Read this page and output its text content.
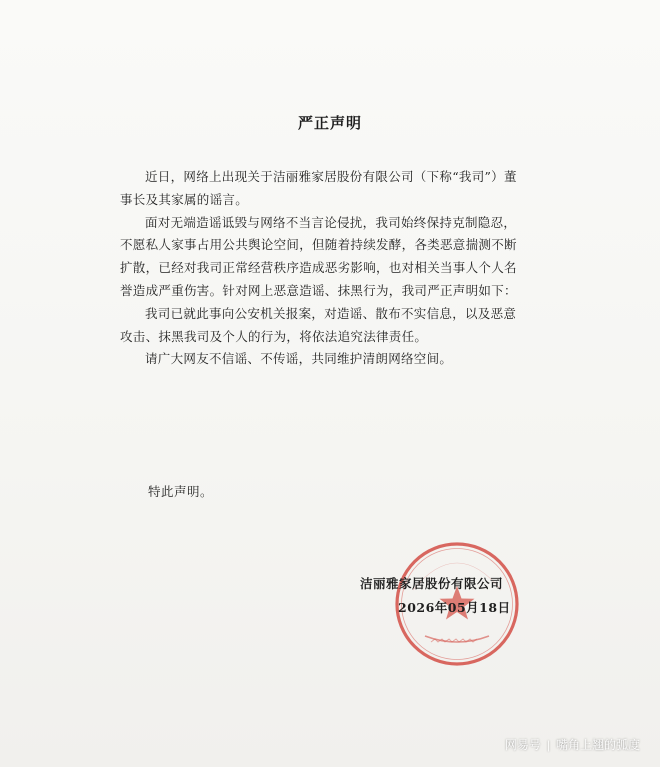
严正声明

近日，网络上出现关于洁丽雅家居股份有限公司（下称“我司”）董事长及其家属的谣言。

面对无端造谣诋毁与网络不当言论侵扰，我司始终保持克制隐忍，不愿私人家事占用公共舆论空间，但随着持续发酵，各类恶意揣测不断扩散，已经对我司正常经营秩序造成恶劣影响，也对相关当事人个人名誉造成严重伤害。针对网上恶意造谣、抹黑行为，我司严正声明如下：

我司已就此事向公安机关报案，对造谣、散布不实信息，以及恶意攻击、抹黑我司及个人的行为，将依法追究法律责任。

请广大网友不信谣、不传谣，共同维护清朗网络空间。

特此声明。
洁丽雅家居股份有限公司
2026年05月18日
网易号 | 嘴角上翘的弧度
